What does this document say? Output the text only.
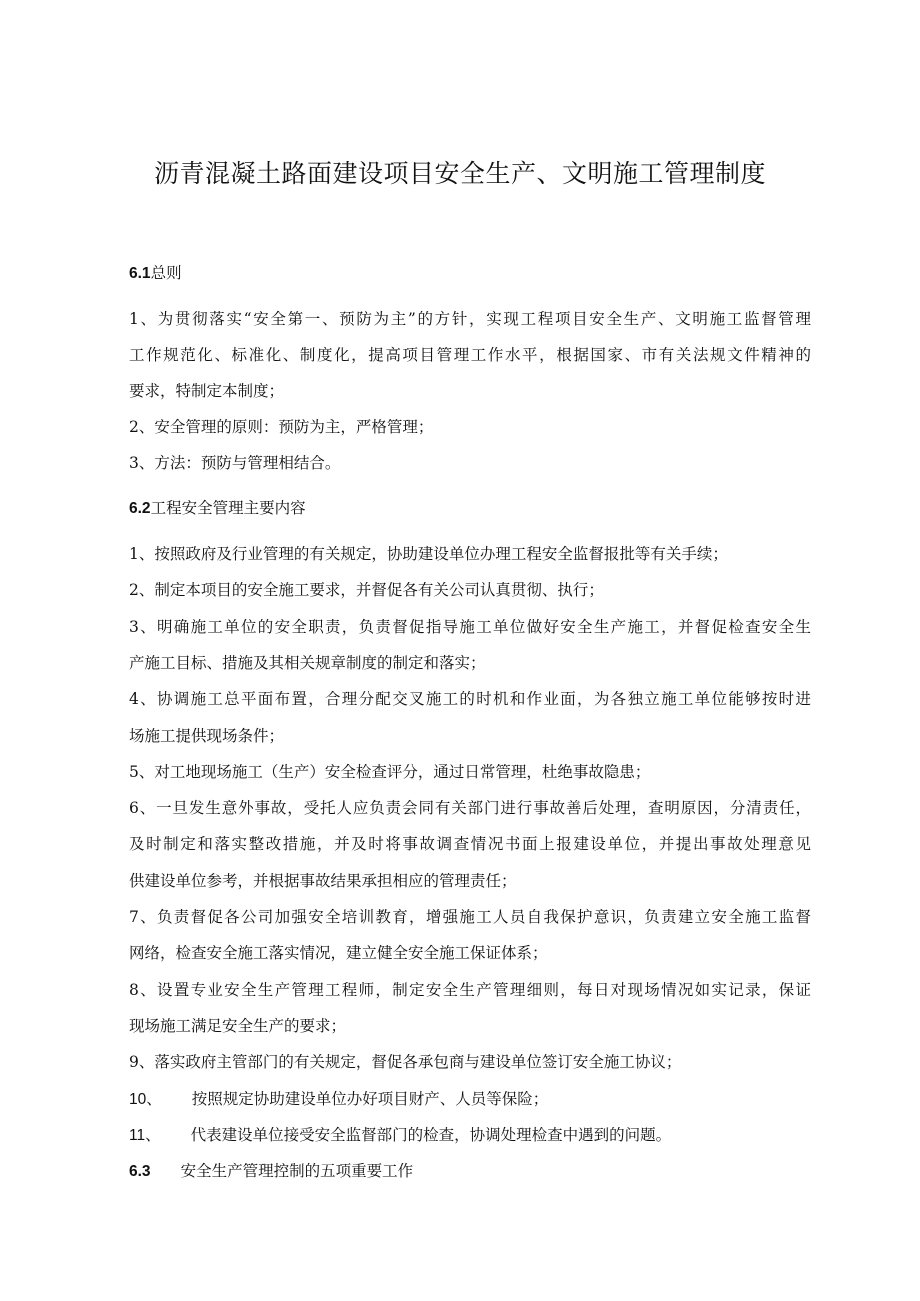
沥青混凝土路面建设项目安全生产、文明施工管理制度
6.1总则
1、为贯彻落实“安全第一、预防为主”的方针，实现工程项目安全生产、文明施工监督管理
工作规范化、标准化、制度化，提高项目管理工作水平，根据国家、市有关法规文件精神的
要求，特制定本制度；
2、安全管理的原则：预防为主，严格管理；
3、方法：预防与管理相结合。
6.2工程安全管理主要内容
1、按照政府及行业管理的有关规定，协助建设单位办理工程安全监督报批等有关手续；
2、制定本项目的安全施工要求，并督促各有关公司认真贯彻、执行；
3、明确施工单位的安全职责，负责督促指导施工单位做好安全生产施工，并督促检查安全生
产施工目标、措施及其相关规章制度的制定和落实；
4、协调施工总平面布置，合理分配交叉施工的时机和作业面，为各独立施工单位能够按时进
场施工提供现场条件；
5、对工地现场施工（生产）安全检查评分，通过日常管理，杜绝事故隐患；
6、一旦发生意外事故，受托人应负责会同有关部门进行事故善后处理，查明原因，分清责任，
及时制定和落实整改措施，并及时将事故调查情况书面上报建设单位，并提出事故处理意见
供建设单位参考，并根据事故结果承担相应的管理责任；
7、负责督促各公司加强安全培训教育，增强施工人员自我保护意识，负责建立安全施工监督
网络，检查安全施工落实情况，建立健全安全施工保证体系；
8、设置专业安全生产管理工程师，制定安全生产管理细则，每日对现场情况如实记录，保证
现场施工满足安全生产的要求；
9、落实政府主管部门的有关规定，督促各承包商与建设单位签订安全施工协议；
10、 按照规定协助建设单位办好项目财产、人员等保险；
11、 代表建设单位接受安全监督部门的检查，协调处理检查中遇到的问题。
6.3 安全生产管理控制的五项重要工作
